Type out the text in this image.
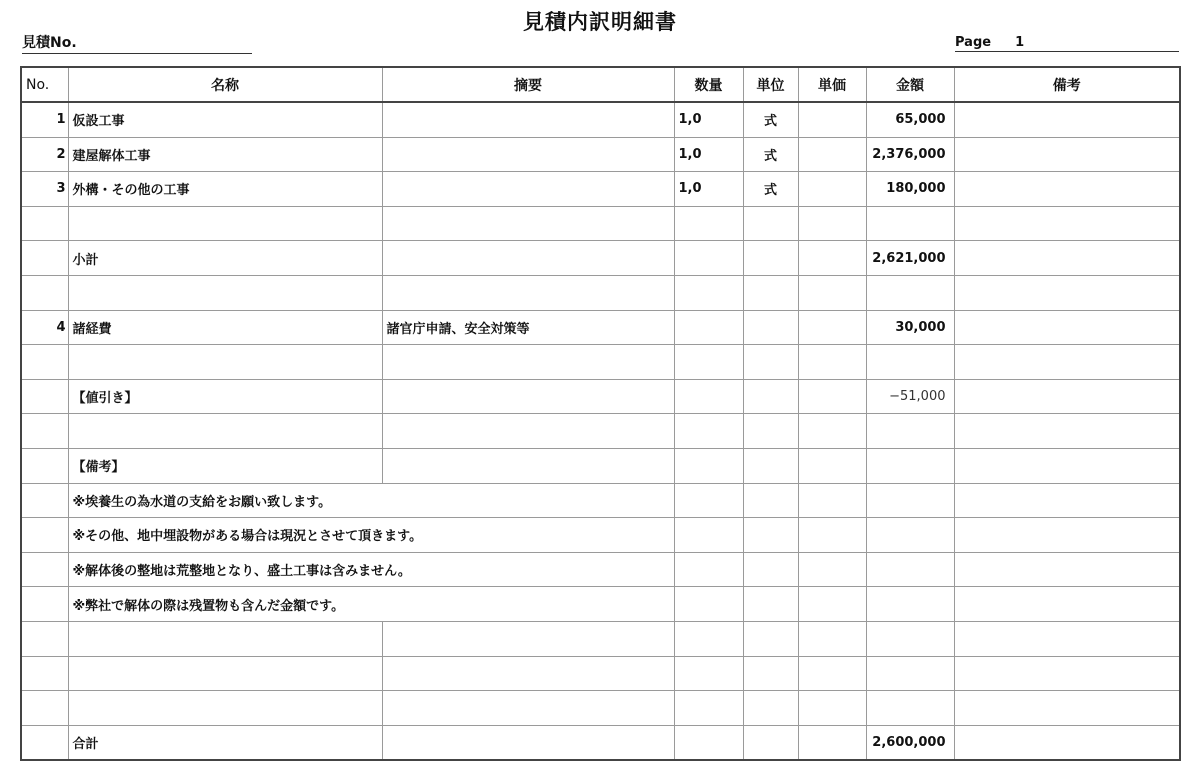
見積内訳明細書
見積No.	Page 1
No.	名称	摘要	数量	単位	単価	金額	備考
1	仮設工事		1,0	式		65,000	
2	建屋解体工事		1,0	式		2,376,000	
3	外構・その他の工事		1,0	式		180,000	

	小計					2,621,000	

4	諸経費	諸官庁申請、安全対策等				30,000	

	【値引き】					−51,000	

	【備考】						
	※埃養生の為水道の支給をお願い致します。						
	※その他、地中埋設物がある場合は現況とさせて頂きます。						
	※解体後の整地は荒整地となり、盛土工事は含みません。						
	※弊社で解体の際は残置物も含んだ金額です。						

	合計					2,600,000	
